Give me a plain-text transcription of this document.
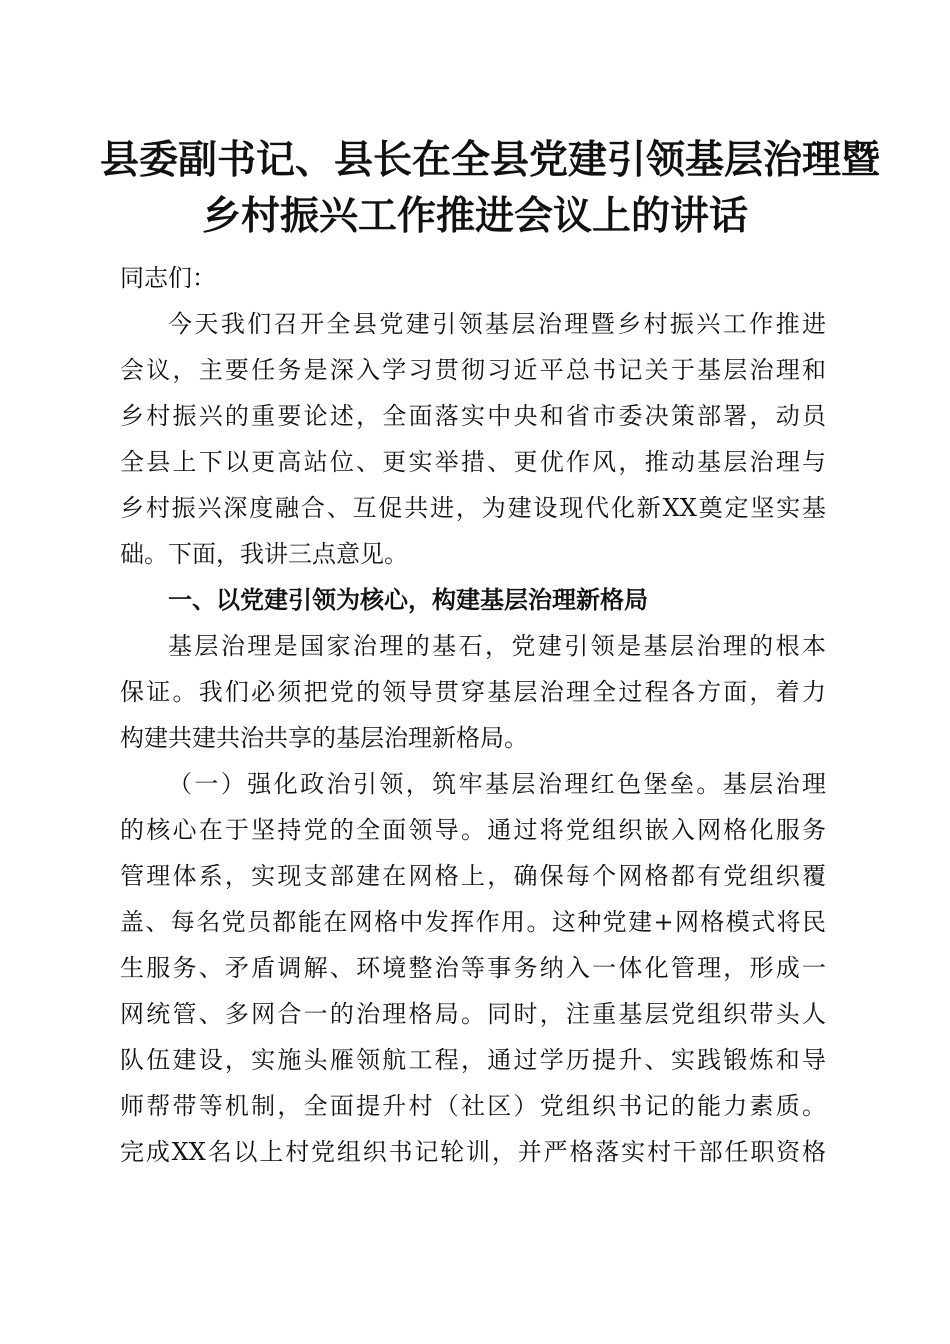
县委副书记、县长在全县党建引领基层治理暨
乡村振兴工作推进会议上的讲话
同志们：
今天我们召开全县党建引领基层治理暨乡村振兴工作推进
会议，主要任务是深入学习贯彻习近平总书记关于基层治理和
乡村振兴的重要论述，全面落实中央和省市委决策部署，动员
全县上下以更高站位、更实举措、更优作风，推动基层治理与
乡村振兴深度融合、互促共进，为建设现代化新XX奠定坚实基
础。下面，我讲三点意见。
一、以党建引领为核心，构建基层治理新格局
基层治理是国家治理的基石，党建引领是基层治理的根本
保证。我们必须把党的领导贯穿基层治理全过程各方面，着力
构建共建共治共享的基层治理新格局。
（一）强化政治引领，筑牢基层治理红色堡垒。基层治理
的核心在于坚持党的全面领导。通过将党组织嵌入网格化服务
管理体系，实现支部建在网格上，确保每个网格都有党组织覆
盖、每名党员都能在网格中发挥作用。这种党建+网格模式将民
生服务、矛盾调解、环境整治等事务纳入一体化管理，形成一
网统管、多网合一的治理格局。同时，注重基层党组织带头人
队伍建设，实施头雁领航工程，通过学历提升、实践锻炼和导
师帮带等机制，全面提升村（社区）党组织书记的能力素质。
完成XX名以上村党组织书记轮训，并严格落实村干部任职资格
